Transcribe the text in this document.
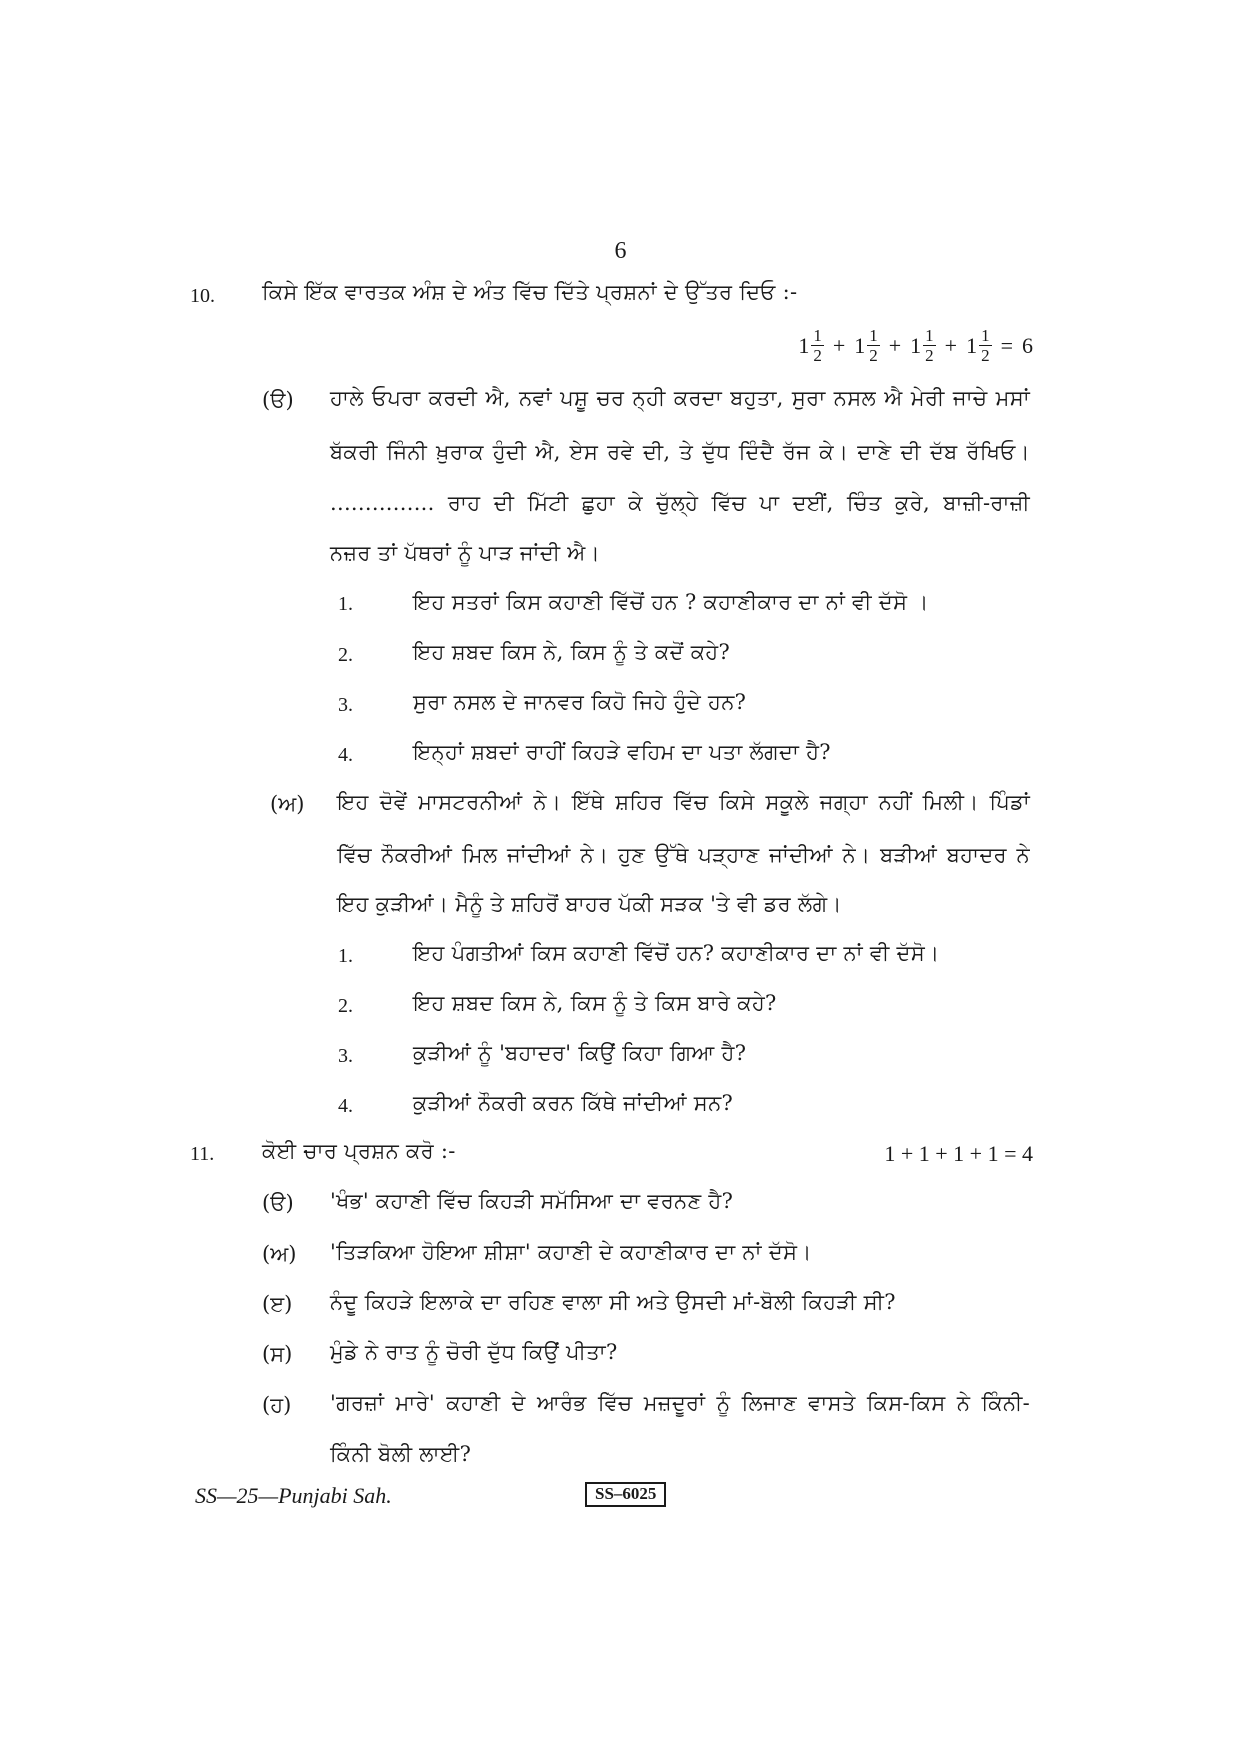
6
10. ਕਿਸੇ ਇੱਕ ਵਾਰਤਕ ਅੰਸ਼ ਦੇ ਅੰਤ ਵਿੱਚ ਦਿੱਤੇ ਪ੍ਰਸ਼ਨਾਂ ਦੇ ਉੱਤਰ ਦਿਓ :-
$1 \frac{1}{2} + 1 \frac{1}{2} + 1 \frac{1}{2} + 1 \frac{1}{2} = 6$
(ੳ) ਹਾਲੇ ਓਪਰਾ ਕਰਦੀ ਐ, ਨਵਾਂ ਪਸ਼ੂ ਚਰ ਨ੍ਹੀ ਕਰਦਾ ਬਹੁਤਾ, ਸੁਰਾ ਨਸਲ ਐ ਮੇਰੀ ਜਾਚੇ ਮਸਾਂ
ਬੱਕਰੀ ਜਿੰਨੀ ਖ਼ੁਰਾਕ ਹੁੰਦੀ ਐ, ਏਸ ਰਵੇ ਦੀ, ਤੇ ਦੁੱਧ ਦਿੰਦੈ ਰੱਜ ਕੇ। ਦਾਣੇ ਦੀ ਦੱਬ ਰੱਖਿਓ।
............... ਰਾਹ ਦੀ ਮਿੱਟੀ ਛੁਹਾ ਕੇ ਚੁੱਲ੍ਹੇ ਵਿੱਚ ਪਾ ਦਈਂ, ਚਿੰਤ ਕੁਰੇ, ਬਾਜ਼ੀ-ਰਾਜ਼ੀ
ਨਜ਼ਰ ਤਾਂ ਪੱਥਰਾਂ ਨੂੰ ਪਾੜ ਜਾਂਦੀ ਐ।
1.	ਇਹ ਸਤਰਾਂ ਕਿਸ ਕਹਾਣੀ ਵਿੱਚੋਂ ਹਨ ? ਕਹਾਣੀਕਾਰ ਦਾ ਨਾਂ ਵੀ ਦੱਸੋ ।
2.	ਇਹ ਸ਼ਬਦ ਕਿਸ ਨੇ, ਕਿਸ ਨੂੰ ਤੇ ਕਦੋਂ ਕਹੇ?
3.	ਸੁਰਾ ਨਸਲ ਦੇ ਜਾਨਵਰ ਕਿਹੋ ਜਿਹੇ ਹੁੰਦੇ ਹਨ?
4.	ਇਨ੍ਹਾਂ ਸ਼ਬਦਾਂ ਰਾਹੀਂ ਕਿਹੜੇ ਵਹਿਮ ਦਾ ਪਤਾ ਲੱਗਦਾ ਹੈ?
(ਅ) ਇਹ ਦੋਵੇਂ ਮਾਸਟਰਨੀਆਂ ਨੇ। ਇੱਥੇ ਸ਼ਹਿਰ ਵਿੱਚ ਕਿਸੇ ਸਕੂਲੇ ਜਗ੍ਹਾ ਨਹੀਂ ਮਿਲੀ। ਪਿੰਡਾਂ
ਵਿੱਚ ਨੌਕਰੀਆਂ ਮਿਲ ਜਾਂਦੀਆਂ ਨੇ। ਹੁਣ ਉੱਥੇ ਪੜ੍ਹਾਣ ਜਾਂਦੀਆਂ ਨੇ। ਬੜੀਆਂ ਬਹਾਦਰ ਨੇ
ਇਹ ਕੁੜੀਆਂ। ਮੈਨੂੰ ਤੇ ਸ਼ਹਿਰੋਂ ਬਾਹਰ ਪੱਕੀ ਸੜਕ 'ਤੇ ਵੀ ਡਰ ਲੱਗੇ।
1.	ਇਹ ਪੰਗਤੀਆਂ ਕਿਸ ਕਹਾਣੀ ਵਿੱਚੋਂ ਹਨ? ਕਹਾਣੀਕਾਰ ਦਾ ਨਾਂ ਵੀ ਦੱਸੋ।
2.	ਇਹ ਸ਼ਬਦ ਕਿਸ ਨੇ, ਕਿਸ ਨੂੰ ਤੇ ਕਿਸ ਬਾਰੇ ਕਹੇ?
3.	ਕੁੜੀਆਂ ਨੂੰ 'ਬਹਾਦਰ' ਕਿਉਂ ਕਿਹਾ ਗਿਆ ਹੈ?
4.	ਕੁੜੀਆਂ ਨੌਕਰੀ ਕਰਨ ਕਿੱਥੇ ਜਾਂਦੀਆਂ ਸਨ?
11. ਕੋਈ ਚਾਰ ਪ੍ਰਸ਼ਨ ਕਰੋ :-	1 + 1 + 1 + 1 = 4
(ੳ) 'ਖੰਭ' ਕਹਾਣੀ ਵਿੱਚ ਕਿਹੜੀ ਸਮੱਸਿਆ ਦਾ ਵਰਨਣ ਹੈ?
(ਅ) 'ਤਿੜਕਿਆ ਹੋਇਆ ਸ਼ੀਸ਼ਾ' ਕਹਾਣੀ ਦੇ ਕਹਾਣੀਕਾਰ ਦਾ ਨਾਂ ਦੱਸੋ।
(ੲ) ਨੰਦੂ ਕਿਹੜੇ ਇਲਾਕੇ ਦਾ ਰਹਿਣ ਵਾਲਾ ਸੀ ਅਤੇ ਉਸਦੀ ਮਾਂ-ਬੋਲੀ ਕਿਹੜੀ ਸੀ?
(ਸ) ਮੁੰਡੇ ਨੇ ਰਾਤ ਨੂੰ ਚੋਰੀ ਦੁੱਧ ਕਿਉਂ ਪੀਤਾ?
(ਹ) 'ਗਰਜ਼ਾਂ ਮਾਰੇ' ਕਹਾਣੀ ਦੇ ਆਰੰਭ ਵਿੱਚ ਮਜ਼ਦੂਰਾਂ ਨੂੰ ਲਿਜਾਣ ਵਾਸਤੇ ਕਿਸ-ਕਿਸ ਨੇ ਕਿੰਨੀ-
ਕਿੰਨੀ ਬੋਲੀ ਲਾਈ?
SS—25—Punjabi Sah.	SS–6025
